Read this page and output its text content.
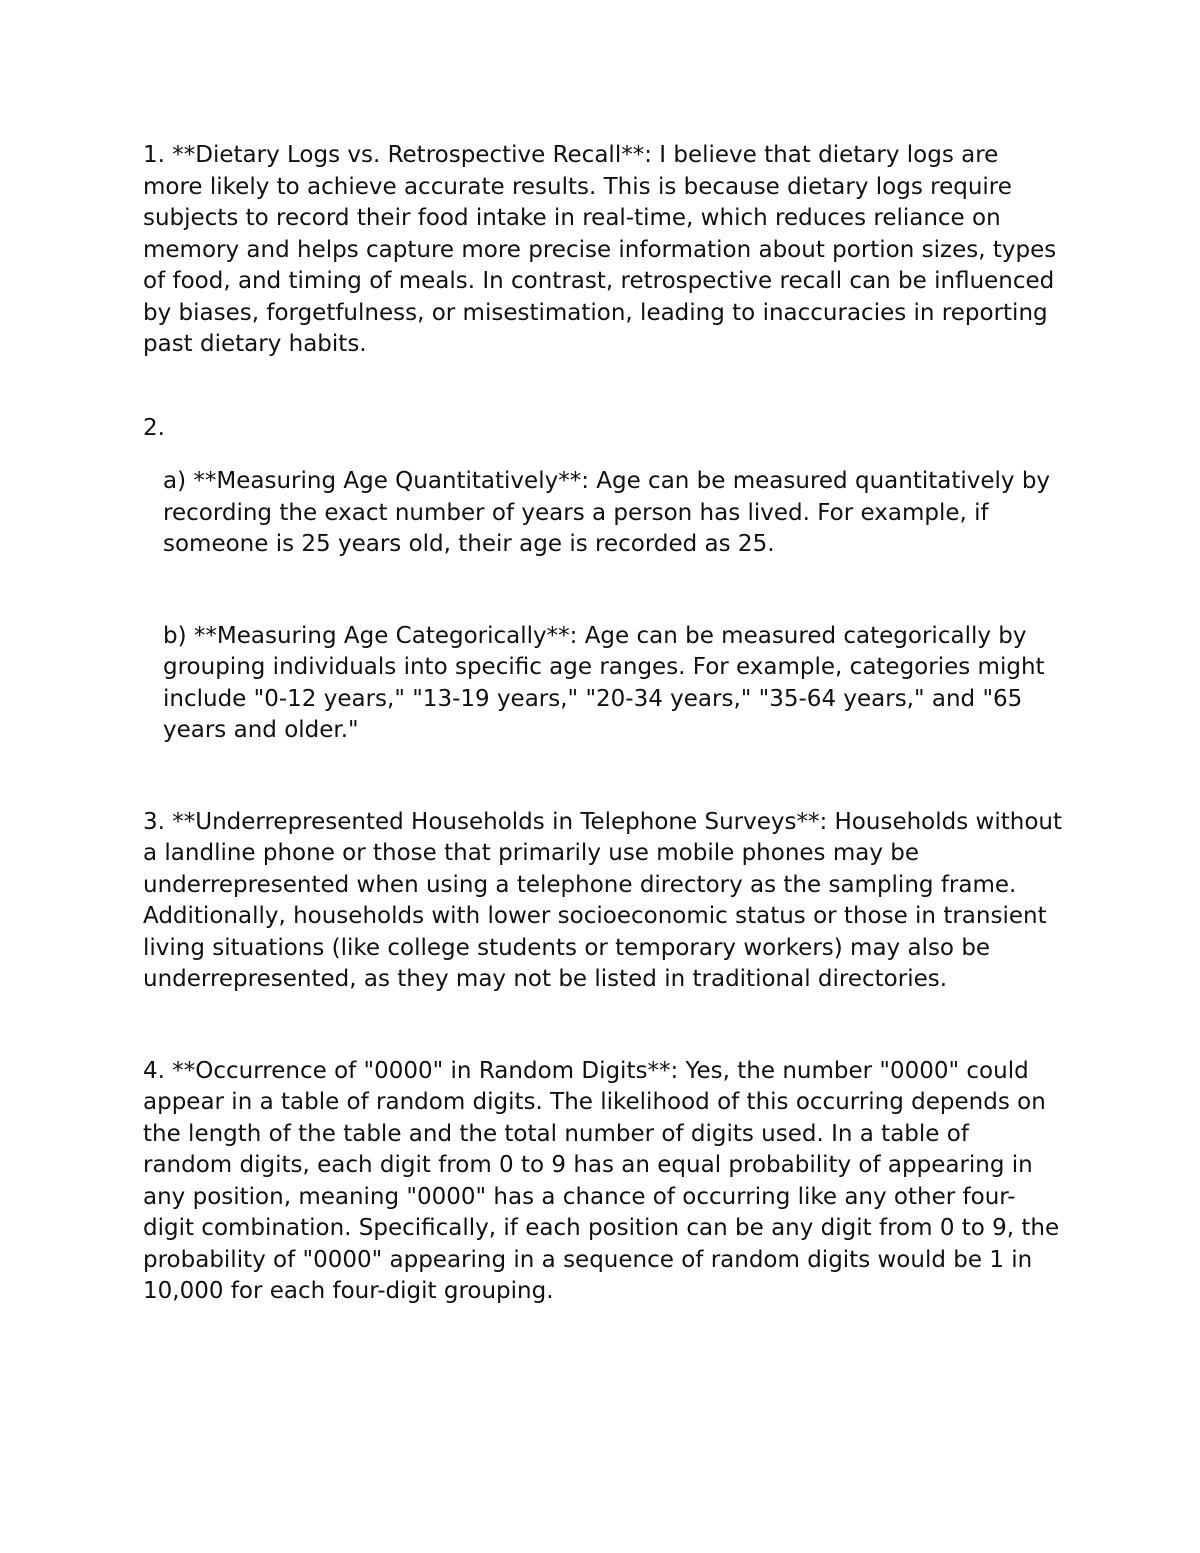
1. **Dietary Logs vs. Retrospective Recall**: I believe that dietary logs are more likely to achieve accurate results. This is because dietary logs require subjects to record their food intake in real-time, which reduces reliance on memory and helps capture more precise information about portion sizes, types of food, and timing of meals. In contrast, retrospective recall can be influenced by biases, forgetfulness, or misestimation, leading to inaccuracies in reporting past dietary habits.

2.

a) **Measuring Age Quantitatively**: Age can be measured quantitatively by recording the exact number of years a person has lived. For example, if someone is 25 years old, their age is recorded as 25.

b) **Measuring Age Categorically**: Age can be measured categorically by grouping individuals into specific age ranges. For example, categories might include "0-12 years," "13-19 years," "20-34 years," "35-64 years," and "65 years and older."

3. **Underrepresented Households in Telephone Surveys**: Households without a landline phone or those that primarily use mobile phones may be underrepresented when using a telephone directory as the sampling frame. Additionally, households with lower socioeconomic status or those in transient living situations (like college students or temporary workers) may also be underrepresented, as they may not be listed in traditional directories.

4. **Occurrence of "0000" in Random Digits**: Yes, the number "0000" could appear in a table of random digits. The likelihood of this occurring depends on the length of the table and the total number of digits used. In a table of random digits, each digit from 0 to 9 has an equal probability of appearing in any position, meaning "0000" has a chance of occurring like any other four-digit combination. Specifically, if each position can be any digit from 0 to 9, the probability of "0000" appearing in a sequence of random digits would be 1 in 10,000 for each four-digit grouping.
